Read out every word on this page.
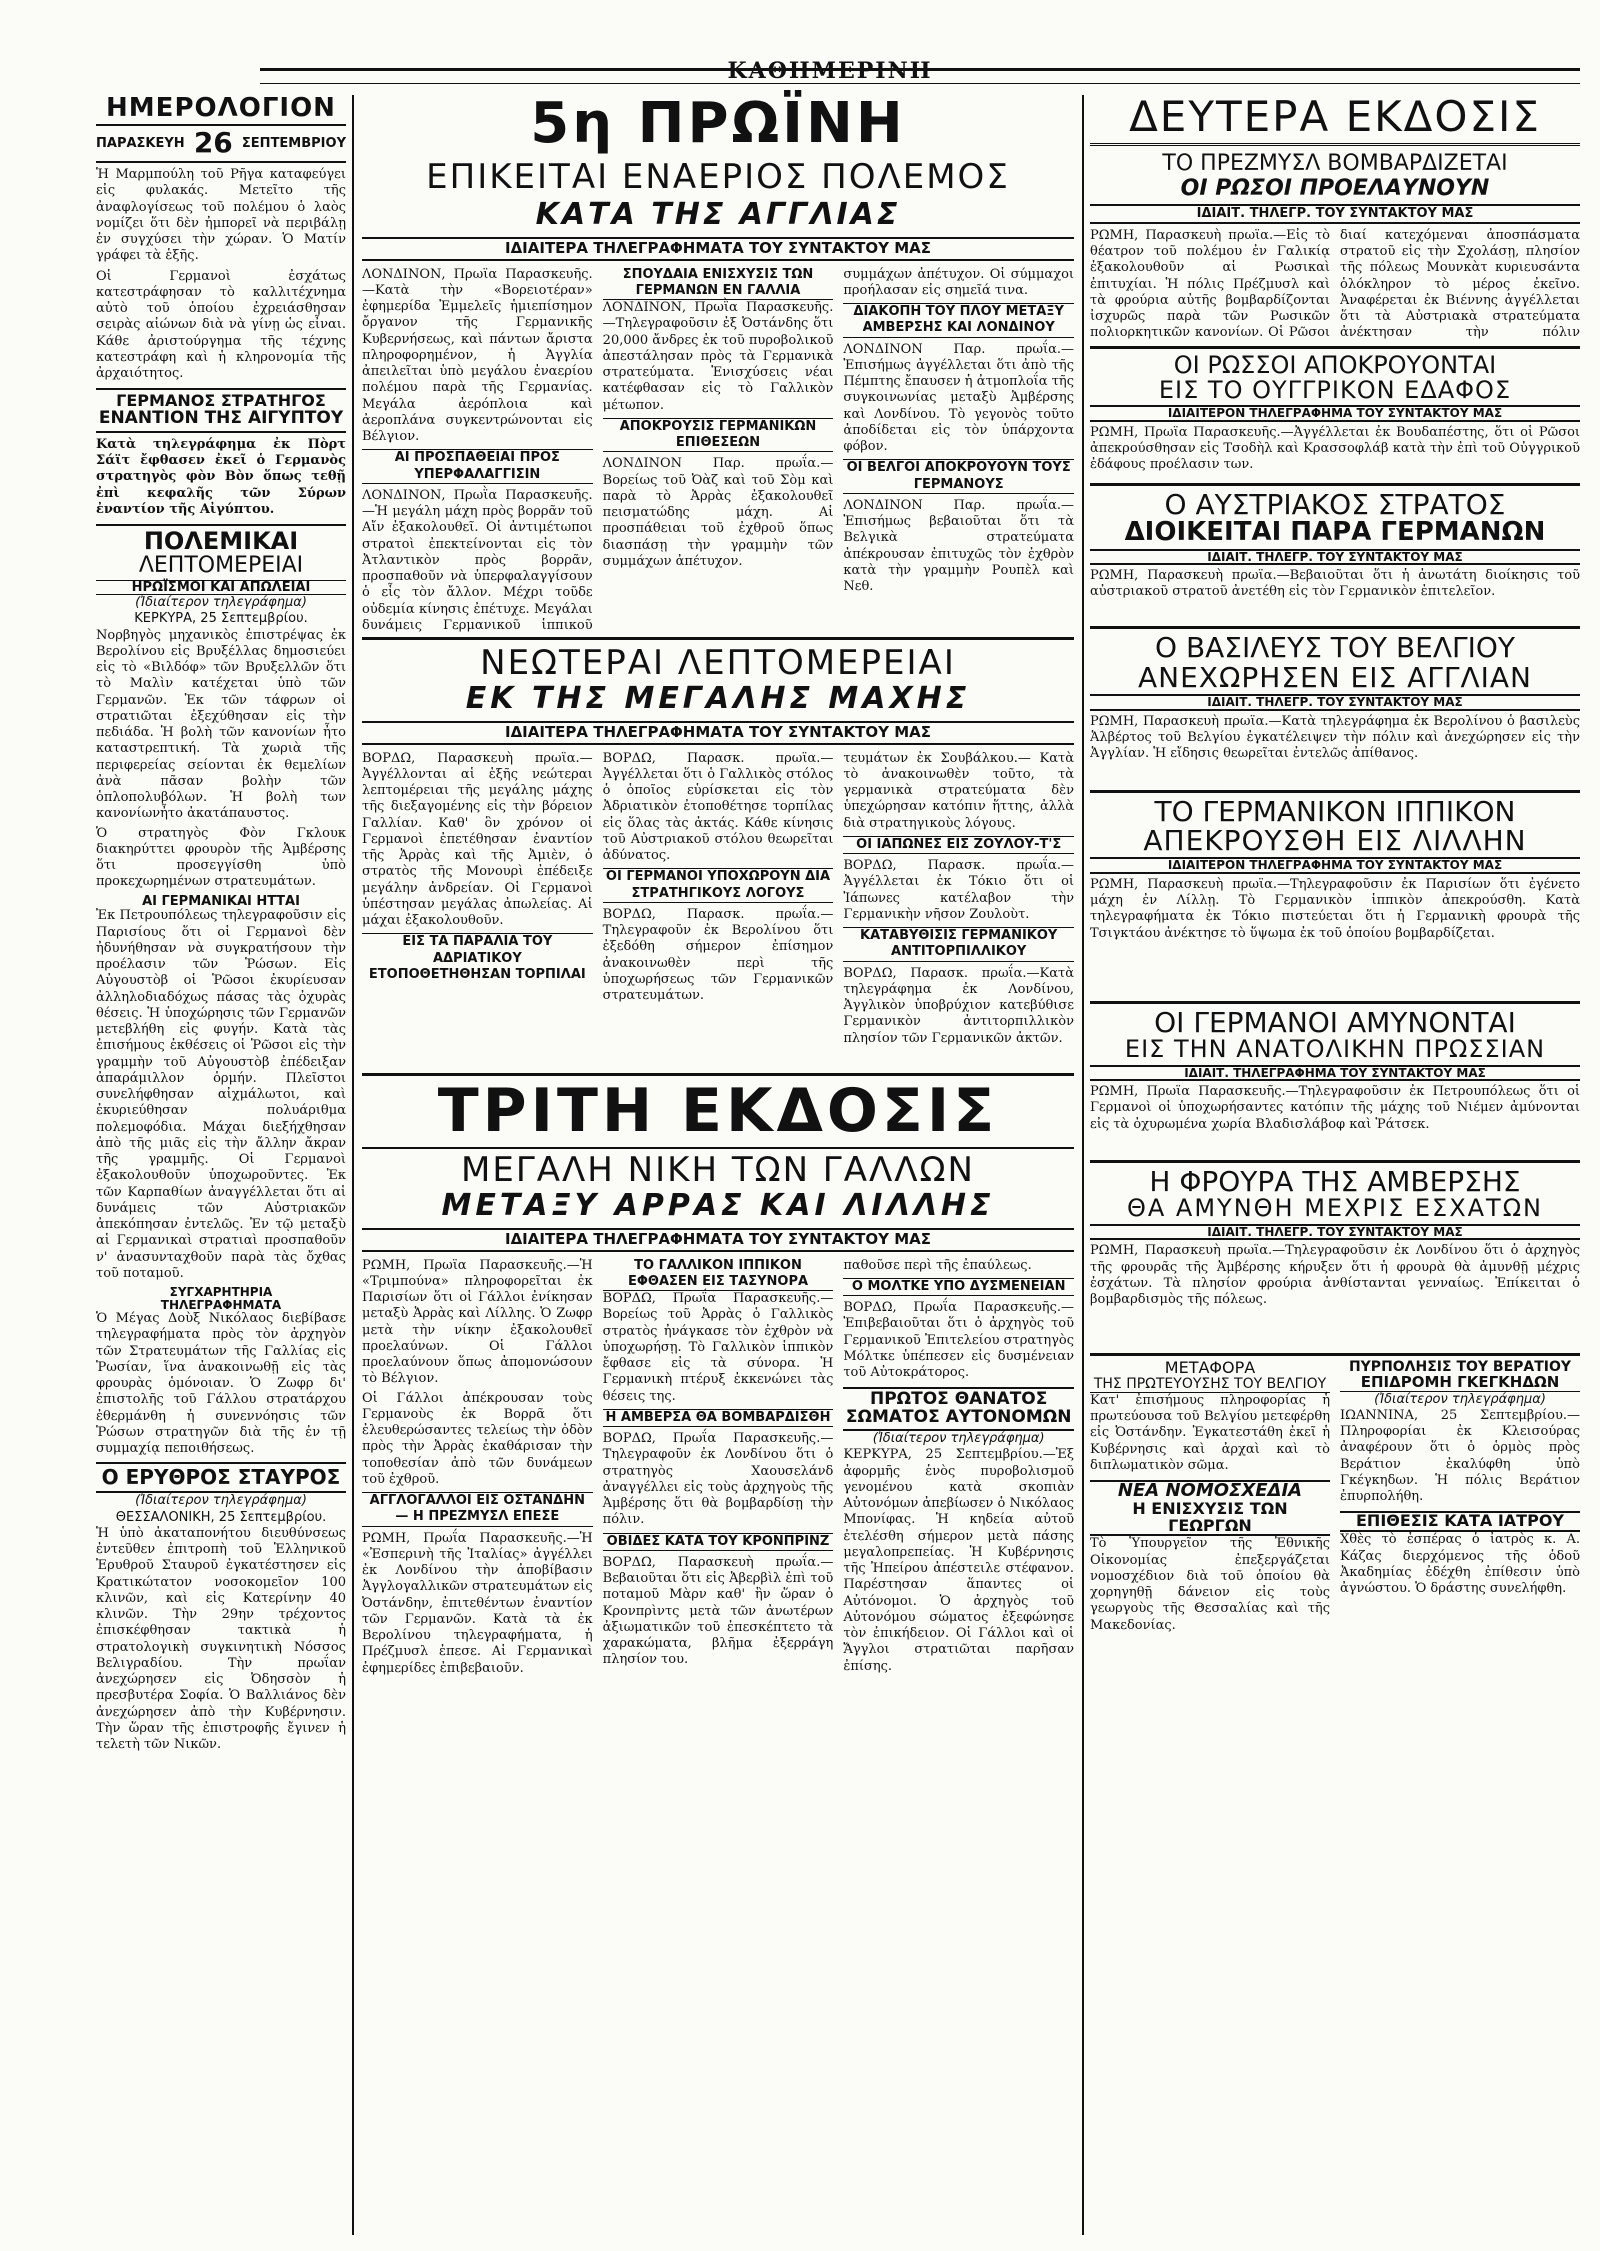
ΚΑΘΗΜΕΡΙΝΗ
ΗΜΕΡΟΛΟΓΙΟΝ
ΠΑΡΑΣΚΕΥΗ 26 ΣΕΠΤΕΜΒΡΙΟΥ

Ἡ Μαρμπούλη τοῦ Ρῆγα καταφεύγει εἰς φυλακάς. Μετεῖτο τῆς ἀναφλογίσεως τοῦ πολέμου ὁ λαὸς νομίζει ὅτι δὲν ἠμπορεῖ νὰ περιβάλῃ ἐν συγχύσει τὴν χώραν. Ὁ Ματίν γράφει τὰ ἑξῆς.

Οἱ Γερμανοὶ ἐσχάτως κατεστράφησαν τὸ καλλιτέχνημα αὐτὸ τοῦ ὁποίου ἐχρειάσθησαν σειρὰς αἰώνων διὰ νὰ γίνῃ ὡς εἶναι. Κάθε ἀριστούργημα τῆς τέχνης κατεστράφη καὶ ἡ κληρονομία τῆς ἀρχαιότητος.

ΓΕΡΜΑΝΟΣ ΣΤΡΑΤΗΓΟΣ
ΕΝΑΝΤΙΟΝ ΤΗΣ ΑΙΓΥΠΤΟΥ

Κατὰ τηλεγράφημα ἐκ Πὸρτ Σάϊτ ἔφθασεν ἐκεῖ ὁ Γερμανὸς στρατηγὸς φὸν Βὸν ὅπως τεθῇ ἐπὶ κεφαλῆς τῶν Σύρων ἐναντίον τῆς Αἰγύπτου.

ΠΟΛΕΜΙΚΑΙ
ΛΕΠΤΟΜΕΡΕΙΑΙ
ΗΡΩΪΣΜΟΙ ΚΑΙ ΑΠΩΛΕΙΑΙ
(Ἰδιαίτερον τηλεγράφημα)
ΚΕΡΚΥΡΑ, 25 Σεπτεμβρίου.

Νορβηγὸς μηχανικὸς ἐπιστρέψας ἐκ Βερολίνου εἰς Βρυξέλλας δημοσιεύει εἰς τὸ «Βιλδόφ» τῶν Βρυξελλῶν ὅτι τὸ Μαλὶν κατέχεται ὑπὸ τῶν Γερμανῶν. Ἐκ τῶν τάφρων οἱ στρατιῶται ἐξεχύθησαν εἰς τὴν πεδιάδα. Ἡ βολὴ τῶν κανονίων ἦτο καταστρεπτική. Τὰ χωριὰ τῆς περιφερείας σείονται ἐκ θεμελίων ἀνὰ πᾶσαν βολὴν τῶν ὁπλοπολυβόλων. Ἡ βολὴ των κανονίωνἦτο ἀκατάπαυστος.

Ὁ στρατηγὸς Φὸν Γκλουκ διακηρύττει φρουρὸν τῆς Ἀμβέρσης ὅτι προσεγγίσθη ὑπὸ προκεχωρημένων στρατευμάτων.

ΑΙ ΓΕΡΜΑΝΙΚΑΙ ΗΤΤΑΙ

Ἐκ Πετρουπόλεως τηλεγραφοῦσιν εἰς Παρισίους ὅτι οἱ Γερμανοὶ δὲν ἠδυνήθησαν νὰ συγκρατήσουν τὴν προέλασιν τῶν Ῥώσων. Εἰς Αὐγουστὸβ οἱ Ῥῶσοι ἐκυρίευσαν ἀλληλοδιαδόχως πάσας τὰς ὀχυρὰς θέσεις. Ἡ ὑποχώρησις τῶν Γερμανῶν μετεβλήθη εἰς φυγήν. Κατὰ τὰς ἐπισήμους ἐκθέσεις οἱ Ῥῶσοι εἰς τὴν γραμμὴν τοῦ Αὐγουστὸβ ἐπέδειξαν ἀπαράμιλλον ὁρμήν. Πλεῖστοι συνελήφθησαν αἰχμάλωτοι, καὶ ἐκυριεύθησαν πολυάριθμα πολεμοφόδια. Μάχαι διεξήχθησαν ἀπὸ τῆς μιᾶς εἰς τὴν ἄλλην ἄκραν τῆς γραμμῆς. Οἱ Γερμανοὶ ἐξακολουθοῦν ὑποχωροῦντες. Ἐκ τῶν Καρπαθίων ἀναγγέλλεται ὅτι αἱ δυνάμεις τῶν Αὐστριακῶν ἀπεκόπησαν ἐντελῶς. Ἐν τῷ μεταξὺ αἱ Γερμανικαὶ στρατιαὶ προσπαθοῦν ν' ἀνασυνταχθοῦν παρὰ τὰς ὄχθας τοῦ ποταμοῦ.

ΣΥΓΧΑΡΗΤΗΡΙΑ
ΤΗΛΕΓΡΑΦΗΜΑΤΑ

Ὁ Μέγας Δοὺξ Νικόλαος διεβίβασε τηλεγραφήματα πρὸς τὸν ἀρχηγὸν τῶν Στρατευμάτων τῆς Γαλλίας εἰς Ῥωσίαν, ἵνα ἀνακοινωθῇ εἰς τὰς φρουρὰς ὁμόνοιαν. Ὁ Ζωφρ δι' ἐπιστολῆς τοῦ Γάλλου στρατάρχου ἐθερμάνθη ἡ συνεννόησις τῶν Ῥώσων στρατηγῶν διὰ τῆς ἐν τῇ συμμαχίᾳ πεποιθήσεως.

Ο ΕΡΥΘΡΟΣ ΣΤΑΥΡΟΣ
(Ἰδιαίτερον τηλεγράφημα)
ΘΕΣΣΑΛΟΝΙΚΗ, 25 Σεπτεμβρίου.

Ἡ ὑπὸ ἀκαταπονήτου διευθύνσεως ἐντεῦθεν ἐπιτροπὴ τοῦ Ἑλληνικοῦ Ἐρυθροῦ Σταυροῦ ἐγκατέστησεν εἰς Κρατικώτατον νοσοκομεῖον 100 κλινῶν, καὶ εἰς Κατερίνην 40 κλινῶν. Τὴν 29ην τρέχοντος ἐπισκέφθησαν τακτικὰ ἡ στρατολογικὴ συγκινητικὴ Νόσσος Βελιγραδίου. Τὴν πρωΐαν ἀνεχώρησεν εἰς Ὀδησσὸν ἡ πρεσβυτέρα Σοφία. Ὁ Βαλλιάνος δὲν ἀνεχώρησεν ἀπὸ τὴν Κυβέρνησιν. Τὴν ὥραν τῆς ἐπιστροφῆς ἔγινεν ἡ τελετὴ τῶν Νικῶν.

5η ΠΡΩΪΝΗ
ΕΠΙΚΕΙΤΑΙ ΕΝΑΕΡΙΟΣ ΠΟΛΕΜΟΣ
ΚΑΤΑ ΤΗΣ ΑΓΓΛΙΑΣ
ΙΔΙΑΙΤΕΡΑ ΤΗΛΕΓΡΑΦΗΜΑΤΑ ΤΟΥ ΣΥΝΤΑΚΤΟΥ ΜΑΣ

ΛΟΝΔΙΝΟΝ, Πρωῒα Παρασκευῆς.—Κατὰ τὴν «Βορειοτέραν» ἐφημερίδα Ἐμμελεῖς ἡμιεπίσημον ὄργανον τῆς Γερμανικῆς Κυβερνήσεως, καὶ πάντων ἄριστα πληροφορημένον, ἡ Ἀγγλία ἀπειλεῖται ὑπὸ μεγάλου ἐναερίου πολέμου παρὰ τῆς Γερμανίας. Μεγάλα ἀερόπλοια καὶ ἀεροπλάνα συγκεντρώνονται εἰς Βέλγιον.

ΑΙ ΠΡΟΣΠΑΘΕΙΑΙ ΠΡΟΣ ΥΠΕΡΦΑΛΑΓΓΙΣΙΝ

ΛΟΝΔΙΝΟΝ, Πρωῒα Παρασκευῆς.—Ἡ μεγάλη μάχη πρὸς βορρᾶν τοῦ Αἴν ἐξακολουθεῖ. Οἱ ἀντιμέτωποι στρατοὶ ἐπεκτείνονται εἰς τὸν Ἀτλαντικὸν πρὸς βορρᾶν, προσπαθοῦν νὰ ὑπερφαλαγγίσουν ὁ εἷς τὸν ἄλλον. Μέχρι τοῦδε οὐδεμία κίνησις ἐπέτυχε. Μεγάλαι δυνάμεις Γερμανικοῦ ἱππικοῦ

ΣΠΟΥΔΑΙΑ ΕΝΙΣΧΥΣΙΣ ΤΩΝ ΓΕΡΜΑΝΩΝ ΕΝ ΓΑΛΛΙΑ

ΛΟΝΔΙΝΟΝ, Πρωῒα Παρασκευῆς.—Τηλεγραφοῦσιν ἐξ Ὀστάνδης ὅτι 20,000 ἄνδρες ἐκ τοῦ πυροβολικοῦ ἀπεστάλησαν πρὸς τὰ Γερμανικὰ στρατεύματα. Ἐνισχύσεις νέαι κατέφθασαν εἰς τὸ Γαλλικὸν μέτωπον.

ΑΠΟΚΡΟΥΣΙΣ ΓΕΡΜΑΝΙΚΩΝ ΕΠΙΘΕΣΕΩΝ

ΛΟΝΔΙΝΟΝ Παρ. πρωΐα.—Βορείως τοῦ Ὀὰζ καὶ τοῦ Σὸμ καὶ παρὰ τὸ Ἀρρὰς ἐξακολουθεῖ πεισματώδης μάχη. Αἱ προσπάθειαι τοῦ ἐχθροῦ ὅπως διασπάσῃ τὴν γραμμὴν τῶν συμμάχων ἀπέτυχον.

συμμάχων ἀπέτυχον. Οἱ σύμμαχοι προήλασαν εἰς σημεῖά τινα.

ΔΙΑΚΟΠΗ ΤΟΥ ΠΛΟΥ ΜΕΤΑΞΥ ΑΜΒΕΡΣΗΣ ΚΑΙ ΛΟΝΔΙΝΟΥ

ΛΟΝΔΙΝΟΝ Παρ. πρωΐα.—Ἐπισήμως ἀγγέλλεται ὅτι ἀπὸ τῆς Πέμπτης ἔπαυσεν ἡ ἀτμοπλοΐα τῆς συγκοινωνίας μεταξὺ Ἀμβέρσης καὶ Λονδίνου. Τὸ γεγονὸς τοῦτο ἀποδίδεται εἰς τὸν ὑπάρχοντα φόβον.

ΟΙ ΒΕΛΓΟΙ ΑΠΟΚΡΟΥΟΥΝ ΤΟΥΣ ΓΕΡΜΑΝΟΥΣ

ΛΟΝΔΙΝΟΝ Παρ. πρωΐα.—Ἐπισήμως βεβαιοῦται ὅτι τὰ Βελγικὰ στρατεύματα ἀπέκρουσαν ἐπιτυχῶς τὸν ἐχθρὸν κατὰ τὴν γραμμὴν Ρουπὲλ καὶ Νεθ.

ΝΕΩΤΕΡΑΙ ΛΕΠΤΟΜΕΡΕΙΑΙ
ΕΚ ΤΗΣ ΜΕΓΑΛΗΣ ΜΑΧΗΣ
ΙΔΙΑΙΤΕΡΑ ΤΗΛΕΓΡΑΦΗΜΑΤΑ ΤΟΥ ΣΥΝΤΑΚΤΟΥ ΜΑΣ

ΒΟΡΔΩ, Παρασκευὴ πρωΐα.—Ἀγγέλλονται αἱ ἑξῆς νεώτεραι λεπτομέρειαι τῆς μεγάλης μάχης τῆς διεξαγομένης εἰς τὴν βόρειον Γαλλίαν. Καθ' ὃν χρόνον οἱ Γερμανοὶ ἐπετέθησαν ἐναντίον τῆς Ἀρρὰς καὶ τῆς Ἀμιὲν, ὁ στρατὸς τῆς Μονουρὶ ἐπέδειξε μεγάλην ἀνδρείαν. Οἱ Γερμανοὶ ὑπέστησαν μεγάλας ἀπωλείας. Αἱ μάχαι ἐξακολουθοῦν.

ΕΙΣ ΤΑ ΠΑΡΑΛΙΑ ΤΟΥ ΑΔΡΙΑΤΙΚΟΥ ΕΤΟΠΟΘΕΤΗΘΗΣΑΝ ΤΟΡΠΙΛΑΙ

ΒΟΡΔΩ, Παρασκ. πρωΐα.—Ἀγγέλλεται ὅτι ὁ Γαλλικὸς στόλος ὁ ὁποῖος εὑρίσκεται εἰς τὸν Ἀδριατικὸν ἐτοποθέτησε τορπίλας εἰς ὅλας τὰς ἀκτάς. Κάθε κίνησις τοῦ Αὐστριακοῦ στόλου θεωρεῖται ἀδύνατος.

ΟΙ ΓΕΡΜΑΝΟΙ ΥΠΟΧΩΡΟΥΝ ΔΙΑ ΣΤΡΑΤΗΓΙΚΟΥΣ ΛΟΓΟΥΣ

ΒΟΡΔΩ, Παρασκ. πρωΐα.—Τηλεγραφοῦν ἐκ Βερολίνου ὅτι ἐξεδόθη σήμερον ἐπίσημον ἀνακοινωθὲν περὶ τῆς ὑποχωρήσεως τῶν Γερμανικῶν στρατευμάτων.

τευμάτων ἐκ Σουβάλκου.— Κατὰ τὸ ἀνακοινωθὲν τοῦτο, τὰ γερμανικὰ στρατεύματα δὲν ὑπεχώρησαν κατόπιν ἥττης, ἀλλὰ διὰ στρατηγικοὺς λόγους.

ΟΙ ΙΑΠΩΝΕΣ ΕΙΣ ΖΟΥΛΟΥ-Τ'Σ

ΒΟΡΔΩ, Παρασκ. πρωΐα.—Ἀγγέλλεται ἐκ Τόκιο ὅτι οἱ Ἰάπωνες κατέλαβον τὴν Γερμανικὴν νῆσον Ζουλοὺτ.

ΚΑΤΑΒΥΘΙΣΙΣ ΓΕΡΜΑΝΙΚΟΥ ΑΝΤΙΤΟΡΠΙΛΛΙΚΟΥ

ΒΟΡΔΩ, Παρασκ. πρωΐα.—Κατὰ τηλεγράφημα ἐκ Λονδίνου, Ἀγγλικὸν ὑποβρύχιον κατεβύθισε Γερμανικὸν ἀντιτορπιλλικὸν πλησίον τῶν Γερμανικῶν ἀκτῶν.

ΤΡΙΤΗ ΕΚΔΟΣΙΣ
ΜΕΓΑΛΗ ΝΙΚΗ ΤΩΝ ΓΑΛΛΩΝ
ΜΕΤΑΞΥ ΑΡΡΑΣ ΚΑΙ ΛΙΛΛΗΣ
ΙΔΙΑΙΤΕΡΑ ΤΗΛΕΓΡΑΦΗΜΑΤΑ ΤΟΥ ΣΥΝΤΑΚΤΟΥ ΜΑΣ

ΡΩΜΗ, Πρωΐα Παρασκευῆς.—Ἡ «Τριμπούνα» πληροφορεῖται ἐκ Παρισίων ὅτι οἱ Γάλλοι ἐνίκησαν μεταξὺ Ἀρρὰς καὶ Λίλλης. Ὁ Ζωφρ μετὰ τὴν νίκην ἐξακολουθεῖ προελαύνων. Οἱ Γάλλοι προελαύνουν ὅπως ἀπομονώσουν τὸ Βέλγιον.

Οἱ Γάλλοι ἀπέκρουσαν τοὺς Γερμανοὺς ἐκ Βορρᾶ ὅτι ἐλευθερώσαντες τελείως τὴν ὁδὸν πρὸς τὴν Ἀρρὰς ἐκαθάρισαν τὴν τοποθεσίαν ἀπὸ τῶν δυνάμεων τοῦ ἐχθροῦ.

ΑΓΓΛΟΓΑΛΛΟΙ ΕΙΣ ΟΣΤΑΝΔΗΝ — Η ΠΡΕΖΜΥΣΛ ΕΠΕΣΕ

ΡΩΜΗ, Πρωΐα Παρασκευῆς.—Ἡ «Ἐσπερινὴ τῆς Ἰταλίας» ἀγγέλλει ἐκ Λονδίνου τὴν ἀποβίβασιν Ἀγγλογαλλικῶν στρατευμάτων εἰς Ὀστάνδην, ἐπιτεθέντων ἐναντίον τῶν Γερμανῶν. Κατὰ τὰ ἐκ Βερολίνου τηλεγραφήματα, ἡ Πρέζμυσλ ἐπεσε. Αἱ Γερμανικαὶ ἐφημερίδες ἐπιβεβαιοῦν.

ΤΟ ΓΑΛΛΙΚΟΝ ΙΠΠΙΚΟΝ ΕΦΘΑΣΕΝ ΕΙΣ ΤΑΣΥΝΟΡΑ

ΒΟΡΔΩ, Πρωΐα Παρασκευῆς.—Βορείως τοῦ Ἀρρὰς ὁ Γαλλικὸς στρατὸς ἠνάγκασε τὸν ἐχθρὸν νὰ ὑποχωρήσῃ. Τὸ Γαλλικὸν ἱππικὸν ἔφθασε εἰς τὰ σύνορα. Ἡ Γερμανικὴ πτέρυξ ἐκκενώνει τὰς θέσεις της.

Η ΑΜΒΕΡΣΑ ΘΑ ΒΟΜΒΑΡΔΙΣΘΗ

ΒΟΡΔΩ, Πρωΐα Παρασκευῆς.—Τηλεγραφοῦν ἐκ Λονδίνου ὅτι ὁ στρατηγὸς Χαουσελάνδ ἀναγγέλλει εἰς τοὺς ἀρχηγοὺς τῆς Ἀμβέρσης ὅτι θὰ βομβαρδίσῃ τὴν πόλιν.

ΟΒΙΔΕΣ ΚΑΤΑ ΤΟΥ ΚΡΟΝΠΡΙΝΖ

ΒΟΡΔΩ, Παρασκευὴ πρωΐα.—Βεβαιοῦται ὅτι εἰς Ἀβερβὶλ ἐπὶ τοῦ ποταμοῦ Μὰρν καθ' ἣν ὥραν ὁ Κρονπρὶντς μετὰ τῶν ἀνωτέρων ἀξιωματικῶν τοῦ ἐπεσκέπτετο τὰ χαρακώματα, βλῆμα ἐξερράγη πλησίον του.

παθοῦσε περὶ τῆς ἐπαύλεως.

Ο ΜΟΛΤΚΕ ΥΠΟ ΔΥΣΜΕΝΕΙΑΝ

ΒΟΡΔΩ, Πρωΐα Παρασκευῆς.—Ἐπιβεβαιοῦται ὅτι ὁ ἀρχηγὸς τοῦ Γερμανικοῦ Ἐπιτελείου στρατηγὸς Μόλτκε ὑπέπεσεν εἰς δυσμένειαν τοῦ Αὐτοκράτορος.

ΠΡΩΤΟΣ ΘΑΝΑΤΟΣ
ΣΩΜΑΤΟΣ ΑΥΤΟΝΟΜΩΝ
(Ἰδιαίτερον τηλεγράφημα)

ΚΕΡΚΥΡΑ, 25 Σεπτεμβρίου.—Ἐξ ἀφορμῆς ἑνὸς πυροβολισμοῦ γενομένου κατὰ σκοπιὰν Αὐτονόμων ἀπεβίωσεν ὁ Νικόλαος Μπονίφας. Ἡ κηδεία αὐτοῦ ἐτελέσθη σήμερον μετὰ πάσης μεγαλοπρεπείας. Ἡ Κυβέρνησις τῆς Ἠπείρου ἀπέστειλε στέφανον. Παρέστησαν ἅπαντες οἱ Αὐτόνομοι. Ὁ ἀρχηγὸς τοῦ Αὐτονόμου σώματος ἐξεφώνησε τὸν ἐπικήδειον. Οἱ Γάλλοι καὶ οἱ Ἄγγλοι στρατιῶται παρῆσαν ἐπίσης.

ΔΕΥΤΕΡΑ ΕΚΔΟΣΙΣ
ΤΟ ΠΡΕΖΜΥΣΛ ΒΟΜΒΑΡΔΙΖΕΤΑΙ
ΟΙ ΡΩΣΟΙ ΠΡΟΕΛΑΥΝΟΥΝ
ΙΔΙΑΙΤ. ΤΗΛΕΓΡ. ΤΟΥ ΣΥΝΤΑΚΤΟΥ ΜΑΣ

ΡΩΜΗ, Παρασκευὴ πρωΐα.—Εἰς τὸ θέατρον τοῦ πολέμου ἐν Γαλικίᾳ ἐξακολουθοῦν αἱ Ρωσικαὶ ἐπιτυχίαι. Ἡ πόλις Πρέζμυσλ καὶ τὰ φρούρια αὐτῆς βομβαρδίζονται ἰσχυρῶς παρὰ τῶν Ρωσικῶν πολιορκητικῶν κανονίων. Οἱ Ρῶσοι

διαί κατεχόμεναι ἀποσπάσματα στρατοῦ εἰς τὴν Σχολάσῃ, πλησίον τῆς πόλεως Μουνκὰτ κυριευσάντα ὁλόκληρον τὸ μέρος ἐκεῖνο. Ἀναφέρεται ἐκ Βιέννης ἀγγέλλεται ὅτι τὰ Αὐστριακὰ στρατεύματα ἀνέκτησαν τὴν πόλιν

ΟΙ ΡΩΣΣΟΙ ΑΠΟΚΡΟΥΟΝΤΑΙ
ΕΙΣ ΤΟ ΟΥΓΓΡΙΚΟΝ ΕΔΑΦΟΣ
ΙΔΙΑΙΤΕΡΟΝ ΤΗΛΕΓΡΑΦΗΜΑ ΤΟΥ ΣΥΝΤΑΚΤΟΥ ΜΑΣ

ΡΩΜΗ, Πρωΐα Παρασκευῆς.—Ἀγγέλλεται ἐκ Βουδαπέστης, ὅτι οἱ Ρῶσοι ἀπεκρούσθησαν εἰς Τσοδὴλ καὶ Κρασσοφλάβ κατὰ τὴν ἐπὶ τοῦ Οὐγγρικοῦ ἐδάφους προέλασιν των.

Ο ΑΥΣΤΡΙΑΚΟΣ ΣΤΡΑΤΟΣ
ΔΙΟΙΚΕΙΤΑΙ ΠΑΡΑ ΓΕΡΜΑΝΩΝ
ΙΔΙΑΙΤ. ΤΗΛΕΓΡ. ΤΟΥ ΣΥΝΤΑΚΤΟΥ ΜΑΣ

ΡΩΜΗ, Παρασκευὴ πρωΐα.—Βεβαιοῦται ὅτι ἡ ἀνωτάτη διοίκησις τοῦ αὐστριακοῦ στρατοῦ ἀνετέθη εἰς τὸν Γερμανικὸν ἐπιτελεῖον.

Ο ΒΑΣΙΛΕΥΣ ΤΟΥ ΒΕΛΓΙΟΥ
ΑΝΕΧΩΡΗΣΕΝ ΕΙΣ ΑΓΓΛΙΑΝ
ΙΔΙΑΙΤ. ΤΗΛΕΓΡ. ΤΟΥ ΣΥΝΤΑΚΤΟΥ ΜΑΣ

ΡΩΜΗ, Παρασκευὴ πρωΐα.—Κατὰ τηλεγράφημα ἐκ Βερολίνου ὁ βασιλεὺς Ἀλβέρτος τοῦ Βελγίου ἐγκατέλειψεν τὴν πόλιν καὶ ἀνεχώρησεν εἰς τὴν Ἀγγλίαν. Ἡ εἴδησις θεωρεῖται ἐντελῶς ἀπίθανος.

ΤΟ ΓΕΡΜΑΝΙΚΟΝ ΙΠΠΙΚΟΝ
ΑΠΕΚΡΟΥΣΘΗ ΕΙΣ ΛΙΛΛΗΝ
ΙΔΙΑΙΤΕΡΟΝ ΤΗΛΕΓΡΑΦΗΜΑ ΤΟΥ ΣΥΝΤΑΚΤΟΥ ΜΑΣ

ΡΩΜΗ, Παρασκευὴ πρωΐα.—Τηλεγραφοῦσιν ἐκ Παρισίων ὅτι ἐγένετο μάχη ἐν Λίλλῃ. Τὸ Γερμανικὸν ἱππικὸν ἀπεκρούσθη. Κατὰ τηλεγραφήματα ἐκ Τόκιο πιστεύεται ὅτι ἡ Γερμανικὴ φρουρὰ τῆς Τσιγκτάου ἀνέκτησε τὸ ὕψωμα ἐκ τοῦ ὁποίου βομβαρδίζεται.

ΟΙ ΓΕΡΜΑΝΟΙ ΑΜΥΝΟΝΤΑΙ
ΕΙΣ ΤΗΝ ΑΝΑΤΟΛΙΚΗΝ ΠΡΩΣΣΙΑΝ
ΙΔΙΑΙΤ. ΤΗΛΕΓΡΑΦΗΜΑ ΤΟΥ ΣΥΝΤΑΚΤΟΥ ΜΑΣ

ΡΩΜΗ, Πρωΐα Παρασκευῆς.—Τηλεγραφοῦσιν ἐκ Πετρουπόλεως ὅτι οἱ Γερμανοὶ οἱ ὑποχωρήσαντες κατόπιν τῆς μάχης τοῦ Νιέμεν ἀμύνονται εἰς τὰ ὀχυρωμένα χωρία Βλαδισλάβοφ καὶ Ῥάτσεκ.

Η ΦΡΟΥΡΑ ΤΗΣ ΑΜΒΕΡΣΗΣ
ΘΑ ΑΜΥΝΘΗ ΜΕΧΡΙΣ ΕΣΧΑΤΩΝ
ΙΔΙΑΙΤ. ΤΗΛΕΓΡ. ΤΟΥ ΣΥΝΤΑΚΤΟΥ ΜΑΣ

ΡΩΜΗ, Παρασκευὴ πρωΐα.—Τηλεγραφοῦσιν ἐκ Λονδίνου ὅτι ὁ ἀρχηγὸς τῆς φρουρᾶς τῆς Ἀμβέρσης κήρυξεν ὅτι ἡ φρουρὰ θὰ ἀμυνθῇ μέχρις ἐσχάτων. Τὰ πλησίον φρούρια ἀνθίστανται γενναίως. Ἐπίκειται ὁ βομβαρδισμὸς τῆς πόλεως.

ΜΕΤΑΦΟΡΑ
ΤΗΣ ΠΡΩΤΕΥΟΥΣΗΣ ΤΟΥ ΒΕΛΓΙΟΥ

Κατ' ἐπισήμους πληροφορίας ἡ πρωτεύουσα τοῦ Βελγίου μετεφέρθη εἰς Ὀστάνδην. Ἐγκατεστάθη ἐκεῖ ἡ Κυβέρνησις καὶ ἀρχαὶ καὶ τὸ διπλωματικὸν σῶμα.

ΝΕΑ ΝΟΜΟΣΧΕΔΙΑ
Η ΕΝΙΣΧΥΣΙΣ ΤΩΝ ΓΕΩΡΓΩΝ

Τὸ Ὑπουργεῖον τῆς Ἐθνικῆς Οἰκονομίας ἐπεξεργάζεται νομοσχέδιον διὰ τοῦ ὁποίου θὰ χορηγηθῇ δάνειον εἰς τοὺς γεωργοὺς τῆς Θεσσαλίας καὶ τῆς Μακεδονίας.

ΠΥΡΠΟΛΗΣΙΣ ΤΟΥ ΒΕΡΑΤΙΟΥ
ΕΠΙΔΡΟΜΗ ΓΚΕΓΚΗΔΩΝ
(Ἰδιαίτερον τηλεγράφημα)

ΙΩΑΝΝΙΝΑ, 25 Σεπτεμβρίου.—Πληροφορίαι ἐκ Κλεισούρας ἀναφέρουν ὅτι ὁ ὁρμὸς πρὸς Βεράτιον ἐκαλύφθη ὑπὸ Γκέγκηδων. Ἡ πόλις Βεράτιον ἐπυρπολήθη.

ΕΠΙΘΕΣΙΣ ΚΑΤΑ ΙΑΤΡΟΥ

Χθὲς τὸ ἑσπέρας ὁ ἰατρὸς κ. Α. Κάζας διερχόμενος τῆς ὁδοῦ Ἀκαδημίας ἐδέχθη ἐπίθεσιν ὑπὸ ἀγνώστου. Ὁ δράστης συνελήφθη.
